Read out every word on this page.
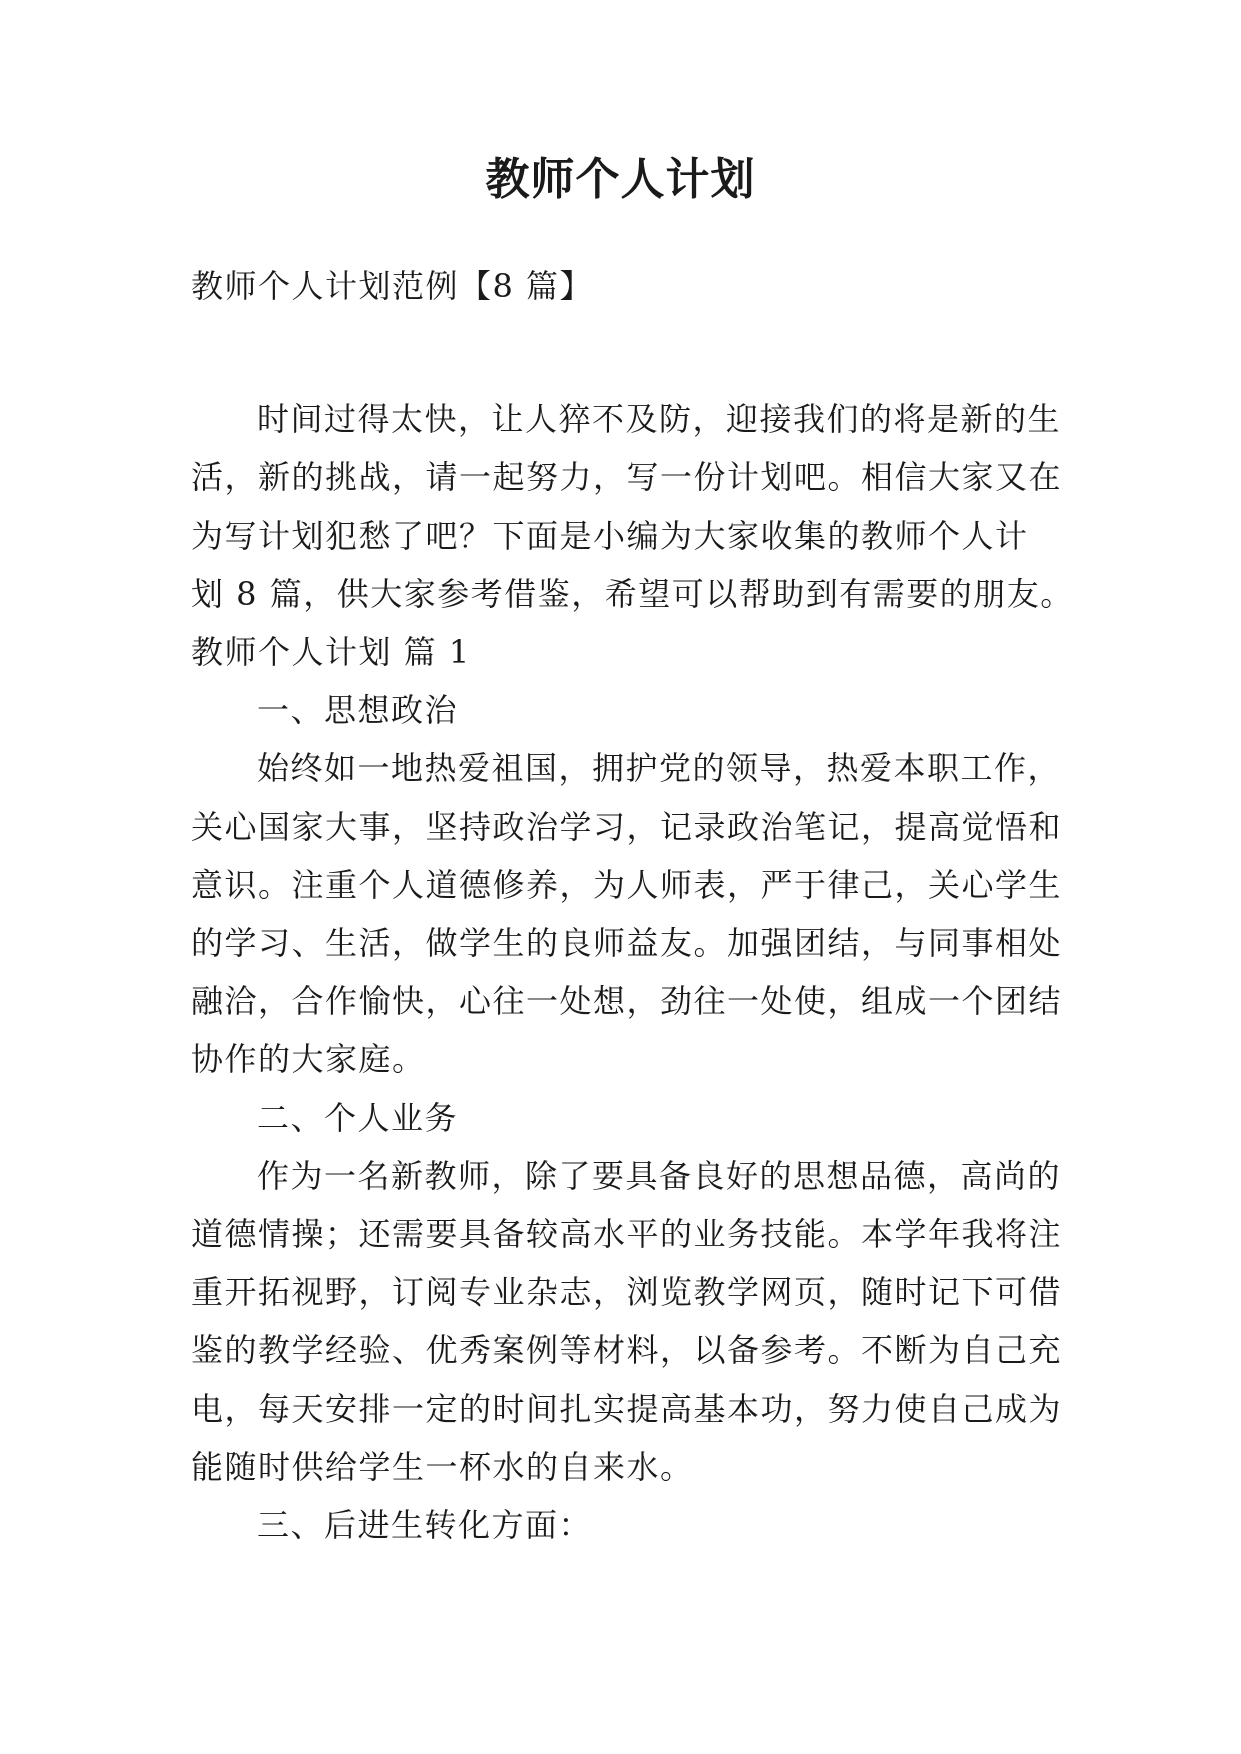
教师个人计划

教师个人计划范例【8 篇】

时间过得太快，让人猝不及防，迎接我们的将是新的生

活，新的挑战，请一起努力，写一份计划吧。相信大家又在

为写计划犯愁了吧？下面是小编为大家收集的教师个人计

划 8 篇，供大家参考借鉴，希望可以帮助到有需要的朋友。

教师个人计划 篇 1

一、思想政治

始终如一地热爱祖国，拥护党的领导，热爱本职工作，

关心国家大事，坚持政治学习，记录政治笔记，提高觉悟和

意识。注重个人道德修养，为人师表，严于律己，关心学生

的学习、生活，做学生的良师益友。加强团结，与同事相处

融洽，合作愉快，心往一处想，劲往一处使，组成一个团结

协作的大家庭。

二、个人业务

作为一名新教师，除了要具备良好的思想品德，高尚的

道德情操；还需要具备较高水平的业务技能。本学年我将注

重开拓视野，订阅专业杂志，浏览教学网页，随时记下可借

鉴的教学经验、优秀案例等材料，以备参考。不断为自己充

电，每天安排一定的时间扎实提高基本功，努力使自己成为

能随时供给学生一杯水的自来水。

三、后进生转化方面：
